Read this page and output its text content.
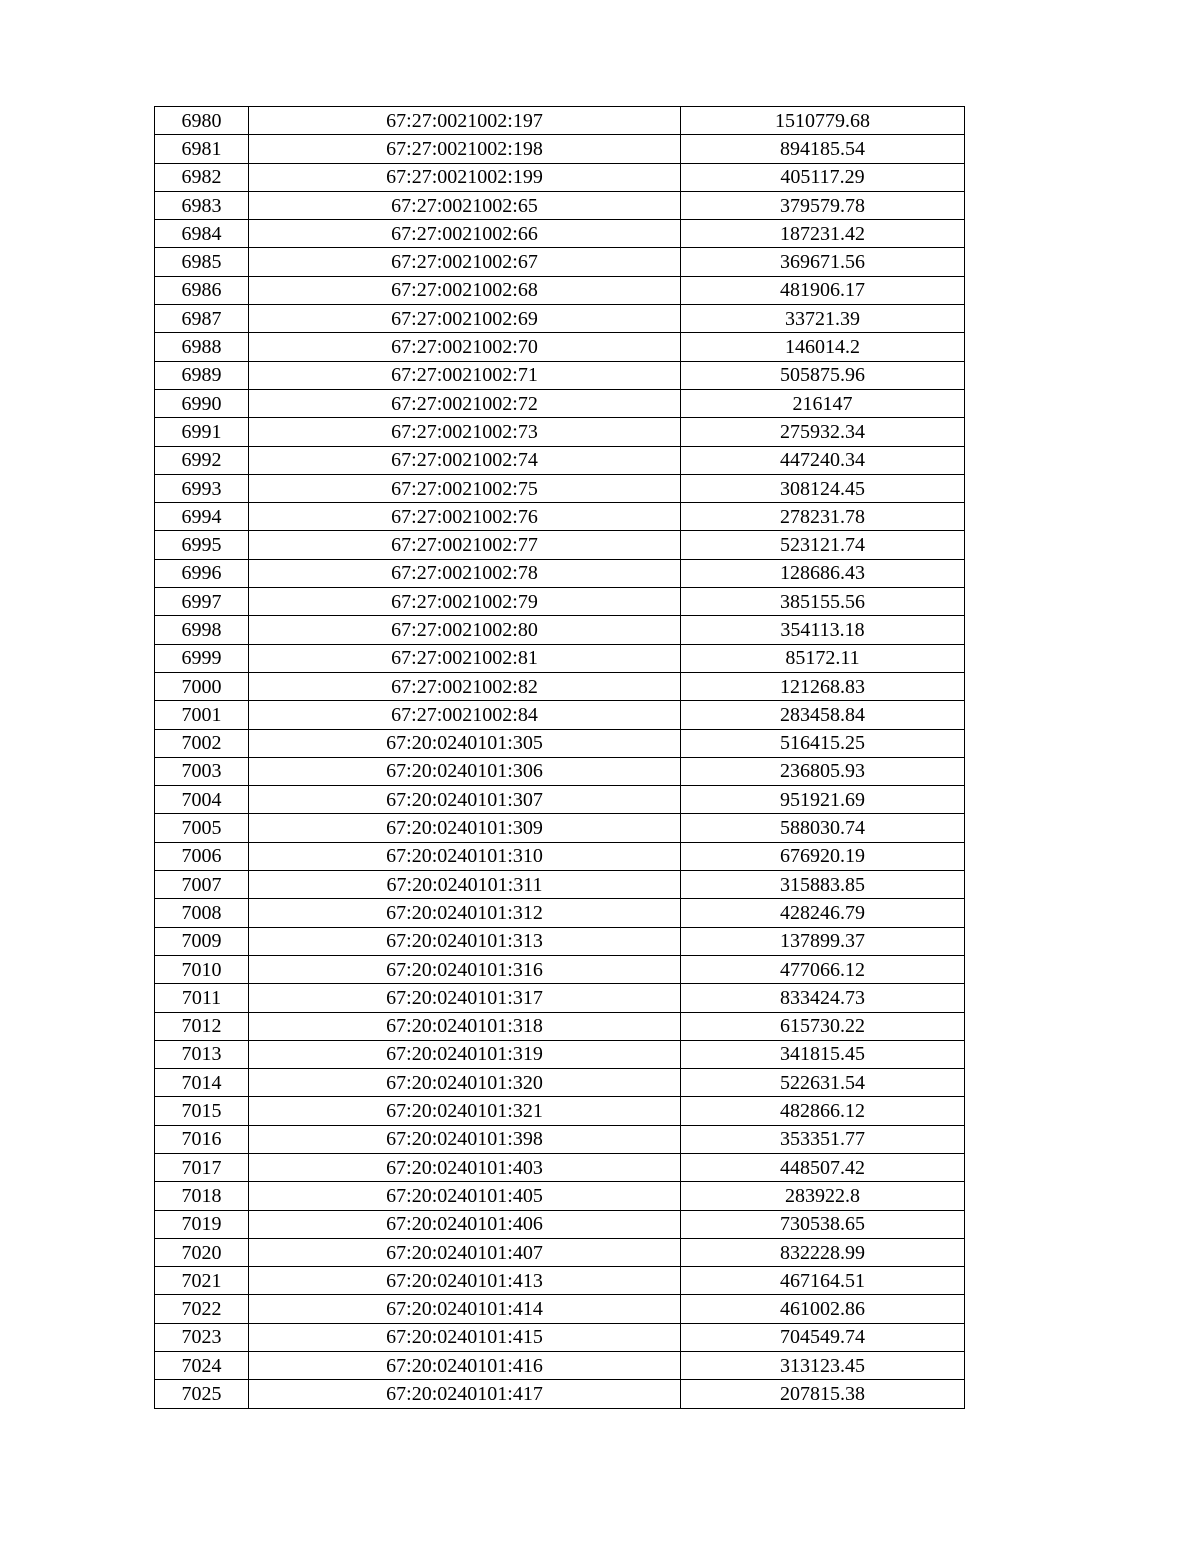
6980	67:27:0021002:197	1510779.68
6981	67:27:0021002:198	894185.54
6982	67:27:0021002:199	405117.29
6983	67:27:0021002:65	379579.78
6984	67:27:0021002:66	187231.42
6985	67:27:0021002:67	369671.56
6986	67:27:0021002:68	481906.17
6987	67:27:0021002:69	33721.39
6988	67:27:0021002:70	146014.2
6989	67:27:0021002:71	505875.96
6990	67:27:0021002:72	216147
6991	67:27:0021002:73	275932.34
6992	67:27:0021002:74	447240.34
6993	67:27:0021002:75	308124.45
6994	67:27:0021002:76	278231.78
6995	67:27:0021002:77	523121.74
6996	67:27:0021002:78	128686.43
6997	67:27:0021002:79	385155.56
6998	67:27:0021002:80	354113.18
6999	67:27:0021002:81	85172.11
7000	67:27:0021002:82	121268.83
7001	67:27:0021002:84	283458.84
7002	67:20:0240101:305	516415.25
7003	67:20:0240101:306	236805.93
7004	67:20:0240101:307	951921.69
7005	67:20:0240101:309	588030.74
7006	67:20:0240101:310	676920.19
7007	67:20:0240101:311	315883.85
7008	67:20:0240101:312	428246.79
7009	67:20:0240101:313	137899.37
7010	67:20:0240101:316	477066.12
7011	67:20:0240101:317	833424.73
7012	67:20:0240101:318	615730.22
7013	67:20:0240101:319	341815.45
7014	67:20:0240101:320	522631.54
7015	67:20:0240101:321	482866.12
7016	67:20:0240101:398	353351.77
7017	67:20:0240101:403	448507.42
7018	67:20:0240101:405	283922.8
7019	67:20:0240101:406	730538.65
7020	67:20:0240101:407	832228.99
7021	67:20:0240101:413	467164.51
7022	67:20:0240101:414	461002.86
7023	67:20:0240101:415	704549.74
7024	67:20:0240101:416	313123.45
7025	67:20:0240101:417	207815.38
